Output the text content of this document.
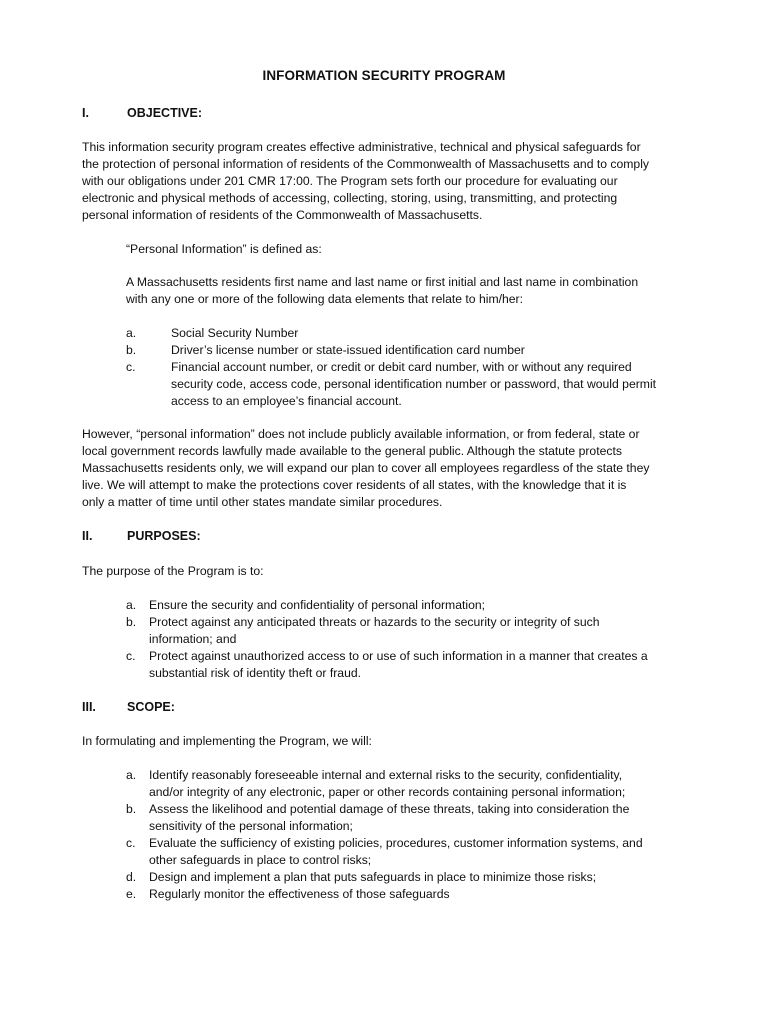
INFORMATION SECURITY PROGRAM
I.	OBJECTIVE:
This information security program creates effective administrative, technical and physical safeguards for
the protection of personal information of residents of the Commonwealth of Massachusetts and to comply
with our obligations under 201 CMR 17:00. The Program sets forth our procedure for evaluating our
electronic and physical methods of accessing, collecting, storing, using, transmitting, and protecting
personal information of residents of the Commonwealth of Massachusetts.
“Personal Information” is defined as:
A Massachusetts residents first name and last name or first initial and last name in combination
with any one or more of the following data elements that relate to him/her:
a.	Social Security Number
b.	Driver’s license number or state-issued identification card number
c.	Financial account number, or credit or debit card number, with or without any required
security code, access code, personal identification number or password, that would permit
access to an employee’s financial account.
However, “personal information” does not include publicly available information, or from federal, state or
local government records lawfully made available to the general public. Although the statute protects
Massachusetts residents only, we will expand our plan to cover all employees regardless of the state they
live. We will attempt to make the protections cover residents of all states, with the knowledge that it is
only a matter of time until other states mandate similar procedures.
II.	PURPOSES:
The purpose of the Program is to:
a. Ensure the security and confidentiality of personal information;
b. Protect against any anticipated threats or hazards to the security or integrity of such
information; and
c. Protect against unauthorized access to or use of such information in a manner that creates a
substantial risk of identity theft or fraud.
III. SCOPE:
In formulating and implementing the Program, we will:
a. Identify reasonably foreseeable internal and external risks to the security, confidentiality,
and/or integrity of any electronic, paper or other records containing personal information;
b. Assess the likelihood and potential damage of these threats, taking into consideration the
sensitivity of the personal information;
c. Evaluate the sufficiency of existing policies, procedures, customer information systems, and
other safeguards in place to control risks;
d. Design and implement a plan that puts safeguards in place to minimize those risks;
e. Regularly monitor the effectiveness of those safeguards
